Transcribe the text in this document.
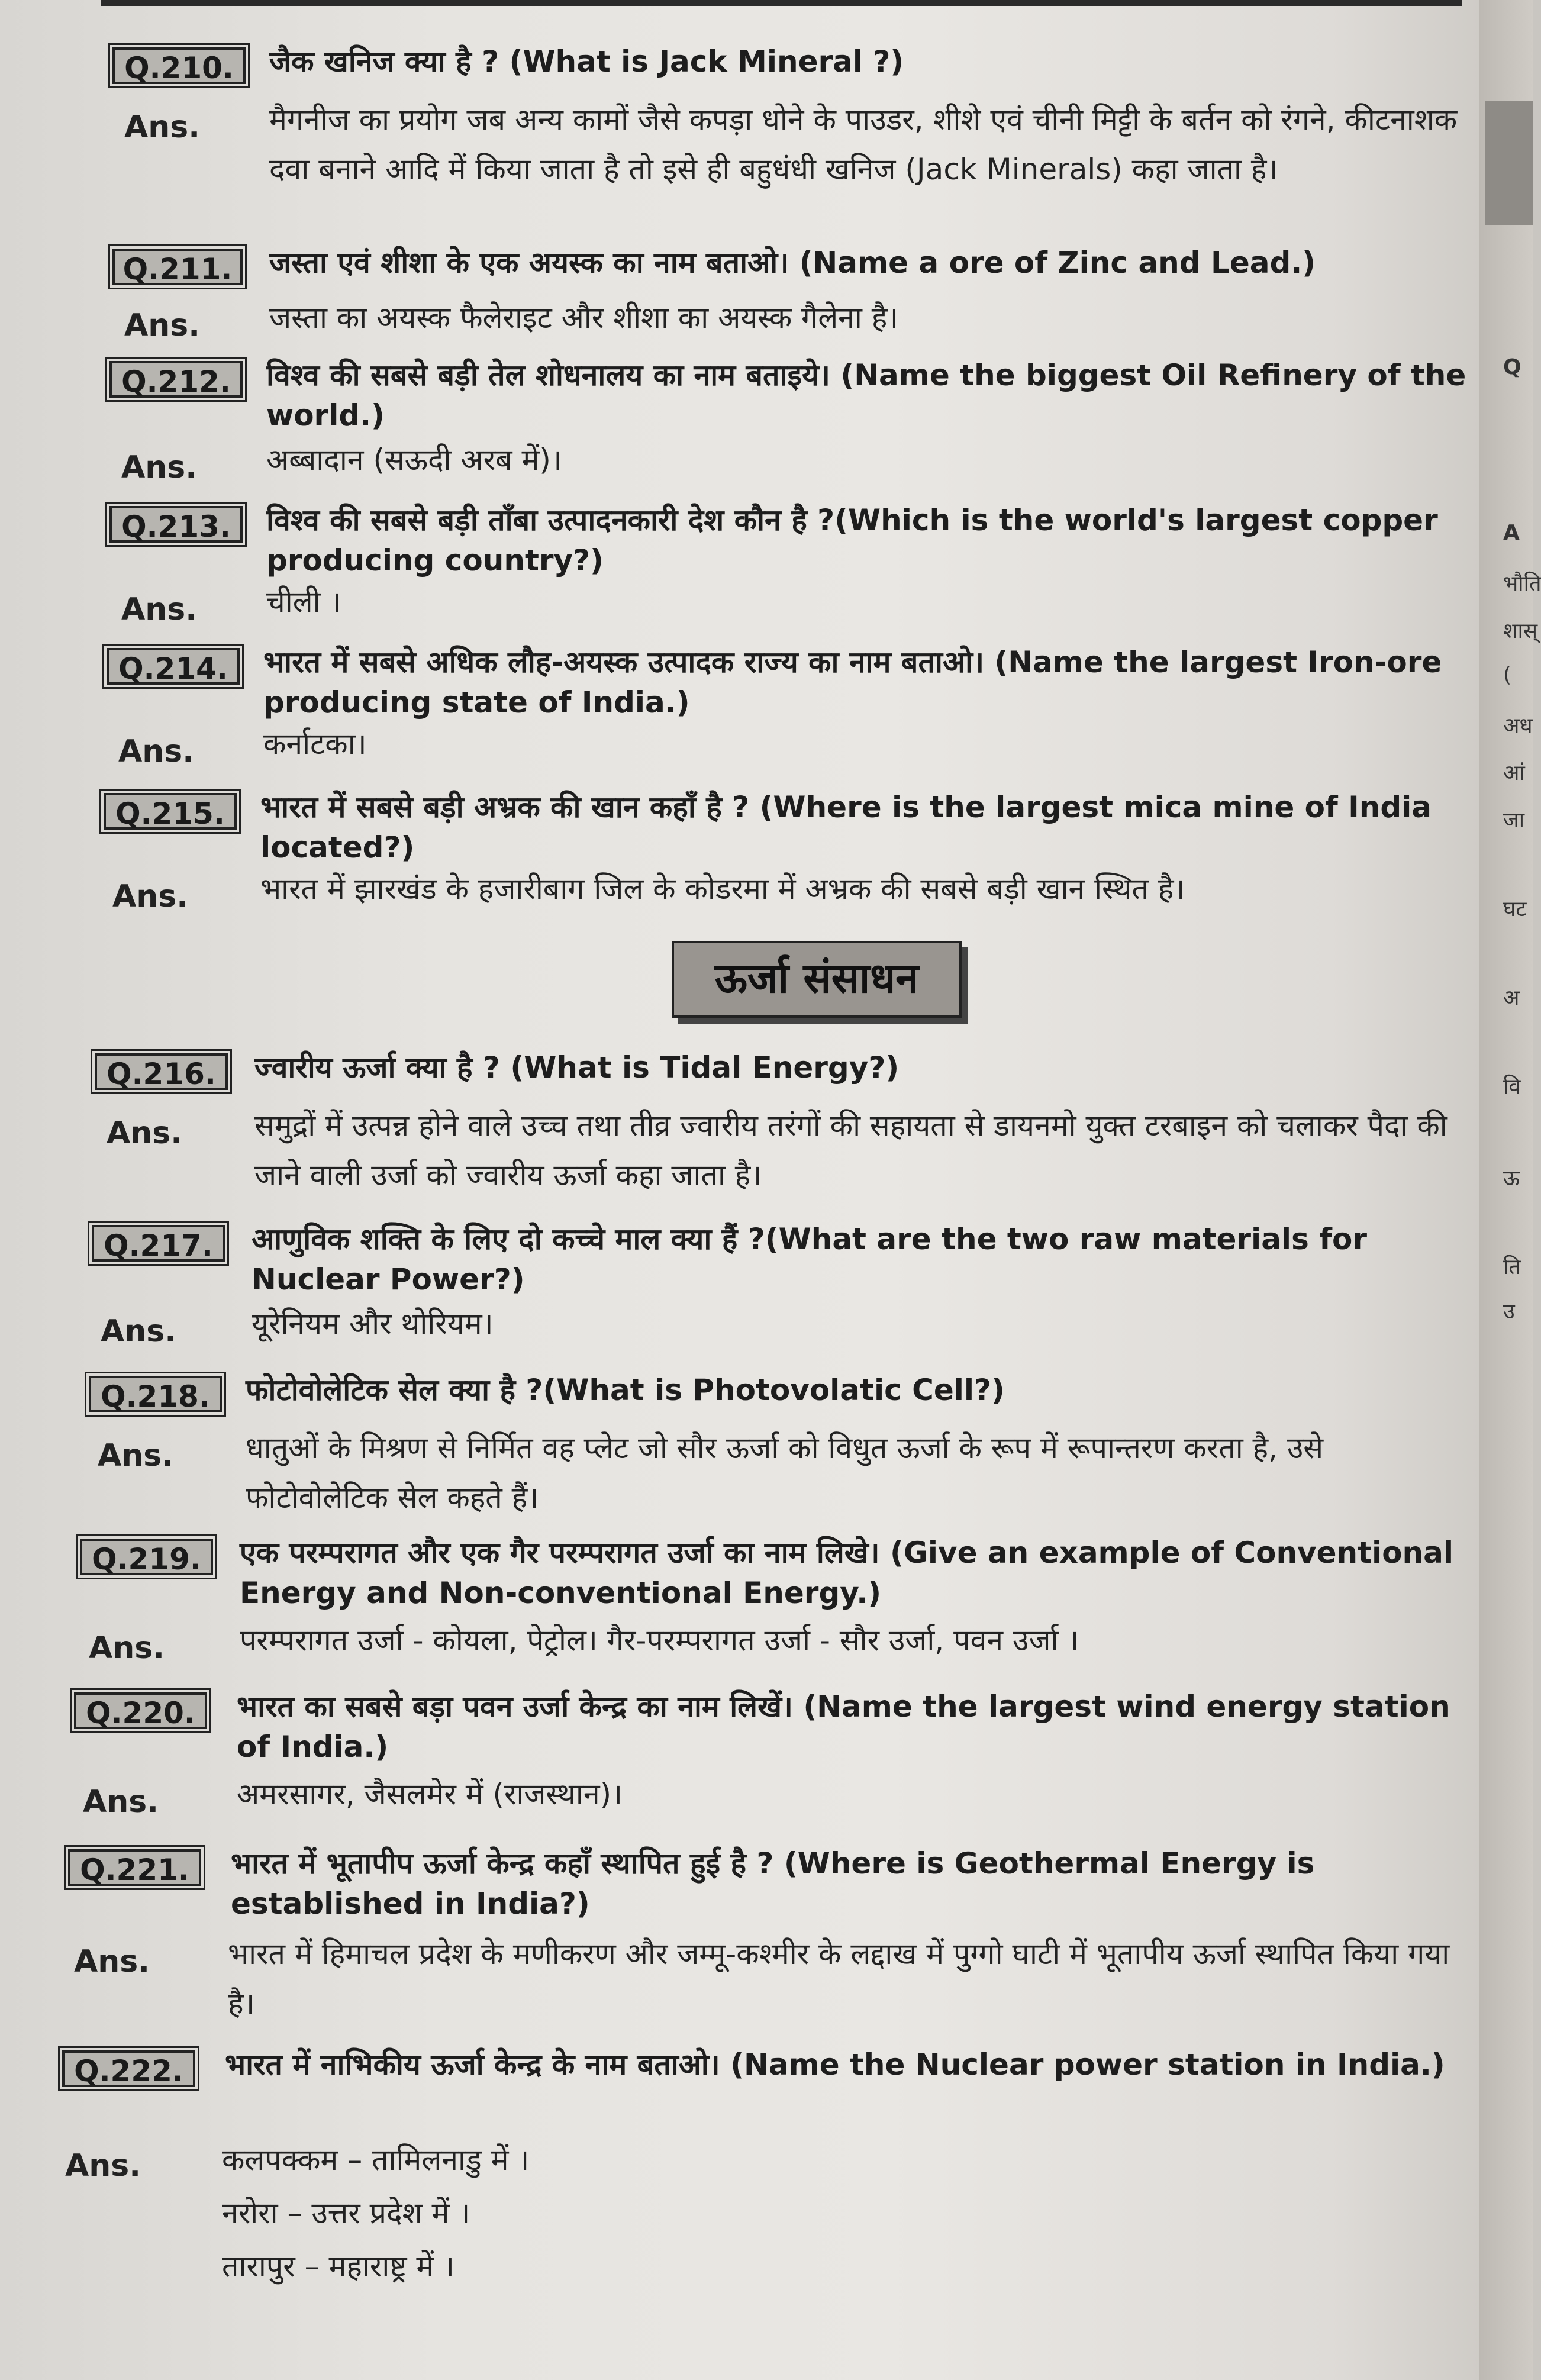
Q.210.	जैक खनिज क्या है ? (What is Jack Mineral ?)
Ans. मैगनीज का प्रयोग जब अन्य कामों जैसे कपड़ा धोने के पाउडर, शीशे एवं चीनी मिट्टी के बर्तन को रंगने, कीटनाशक दवा बनाने आदि में किया जाता है तो इसे ही बहुधंधी खनिज (Jack Minerals) कहा जाता है।
Q.211.	जस्ता एवं शीशा के एक अयस्क का नाम बताओ। (Name a ore of Zinc and Lead.)
Ans. जस्ता का अयस्क फैलेराइट और शीशा का अयस्क गैलेना है।
Q.212.	विश्व की सबसे बड़ी तेल शोधनालय का नाम बताइये। (Name the biggest Oil Refinery of the world.)
Ans. अब्बादान (सऊदी अरब में)।
Q.213.	विश्व की सबसे बड़ी ताँबा उत्पादनकारी देश कौन है ?(Which is the world's largest copper producing country?)
Ans. चीली ।
Q.214.	भारत में सबसे अधिक लौह-अयस्क उत्पादक राज्य का नाम बताओ। (Name the largest Iron-ore producing state of India.)
Ans. कर्नाटका।
Q.215.	भारत में सबसे बड़ी अभ्रक की खान कहाँ है ? (Where is the largest mica mine of India located?)
Ans. भारत में झारखंड के हजारीबाग जिल के कोडरमा में अभ्रक की सबसे बड़ी खान स्थित है।
ऊर्जा संसाधन
Q.216.	ज्वारीय ऊर्जा क्या है ? (What is Tidal Energy?)
Ans. समुद्रों में उत्पन्न होने वाले उच्च तथा तीव्र ज्वारीय तरंगों की सहायता से डायनमो युक्त टरबाइन को चलाकर पैदा की जाने वाली उर्जा को ज्वारीय ऊर्जा कहा जाता है।
Q.217.	आणुविक शक्ति के लिए दो कच्चे माल क्या हैं ?(What are the two raw materials for Nuclear Power?)
Ans.	यूरेनियम और थोरियम।
Q.218.	फोटोवोलेटिक सेल क्या है ?(What is Photovolatic Cell?)
Ans. धातुओं के मिश्रण से निर्मित वह प्लेट जो सौर ऊर्जा को विधुत ऊर्जा के रूप में रूपान्तरण करता है, उसे फोटोवोलेटिक सेल कहते हैं।
Q.219.	एक परम्परागत और एक गैर परम्परागत उर्जा का नाम लिखे। (Give an example of Conventional Energy and Non-conventional Energy.)
Ans.	परम्परागत उर्जा - कोयला, पेट्रोल। गैर-परम्परागत उर्जा - सौर उर्जा, पवन उर्जा ।
Q.220.	भारत का सबसे बड़ा पवन उर्जा केन्द्र का नाम लिखें। (Name the largest wind energy station of India.)
Ans.	अमरसागर, जैसलमेर में (राजस्थान)।
Q.221.	भारत में भूतापीप ऊर्जा केन्द्र कहाँ स्थापित हुई है ? (Where is Geothermal Energy is established in India?)
Ans.	भारत में हिमाचल प्रदेश के मणीकरण और जम्मू-कश्मीर के लद्दाख में पुग्गो घाटी में भूतापीय ऊर्जा स्थापित किया गया है।
Q.222.	भारत में नाभिकीय ऊर्जा केन्द्र के नाम बताओ। (Name the Nuclear power station in India.)
Ans.	कलपक्कम – तामिलनाडु में ।
नरोरा – उत्तर प्रदेश में ।
तारापुर – महाराष्ट्र में ।
Q
A
भौति
शास्
(
अध
आं
जा
घट
अ
वि
ऊ
ति
उ
